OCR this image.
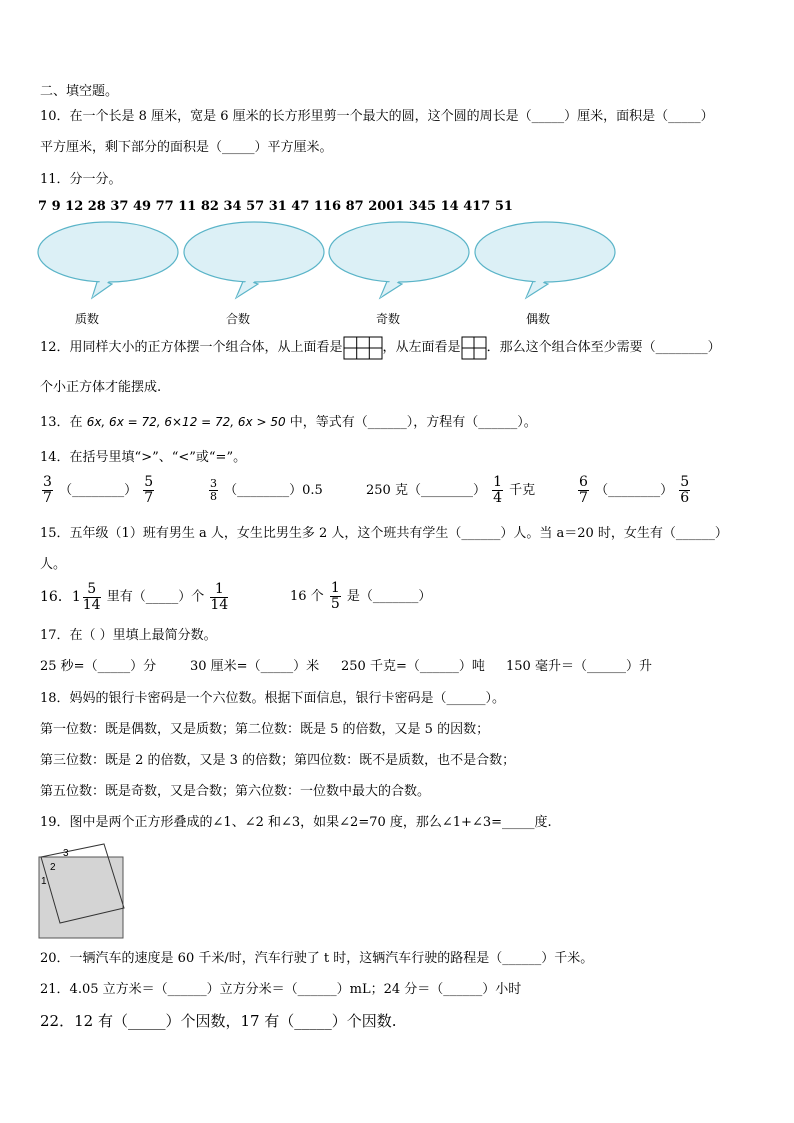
二、填空题。
10．在一个长是 8 厘米，宽是 6 厘米的长方形里剪一个最大的圆，这个圆的周长是（_____）厘米，面积是（_____）
平方厘米，剩下部分的面积是（_____）平方厘米。
11．分一分。
7 9 12 28 37 49 77 11 82 34 57 31 47 116 87 2001 345 14 417 51
质数	合数	奇数	偶数
12．用同样大小的正方体摆一个组合体，从上面看是	，从左面看是 ．那么这个组合体至少需要（________）
个小正方体才能摆成.
13．在 6x, 6x = 72, 6×12 = 72, 6x > 50 中，等式有（______），方程有（______）。
14．在括号里填“>”、“<”或“=”。
$\frac{3}{7}$ （________） $\frac{5}{7}$	$\frac{3}{8}$ （________）0.5	250 克（________） $\frac{1}{4}$ 千克	$\frac{6}{7}$ （________） $\frac{5}{6}$
15．五年级（1）班有男生 a 人，女生比男生多 2 人，这个班共有学生（______）人。当 a＝20 时，女生有（______）
人。
16．$1 \frac{5}{14}$ 里有（_____）个 $\frac{1}{14}$	16 个 $\frac{1}{5}$ 是（_______）
17．在（ ）里填上最简分数。
25 秒=（_____）分	30 厘米=（_____）米 250 千克=（______）吨 150 毫升＝（______）升
18．妈妈的银行卡密码是一个六位数。根据下面信息，银行卡密码是（______）。
第一位数：既是偶数，又是质数；第二位数：既是 5 的倍数，又是 5 的因数；
第三位数：既是 2 的倍数，又是 3 的倍数；第四位数：既不是质数，也不是合数；
第五位数：既是奇数，又是合数；第六位数：一位数中最大的合数。
19．图中是两个正方形叠成的∠1、∠2 和∠3，如果∠2=70 度，那么∠1+∠3=_____度.
3
2
1
20．一辆汽车的速度是 60 千米/时，汽车行驶了 t 时，这辆汽车行驶的路程是（______）千米。
21．4.05 立方米＝（______）立方分米＝（______）mL；24 分＝（______）小时
22．12 有（_____）个因数，17 有（_____）个因数.
